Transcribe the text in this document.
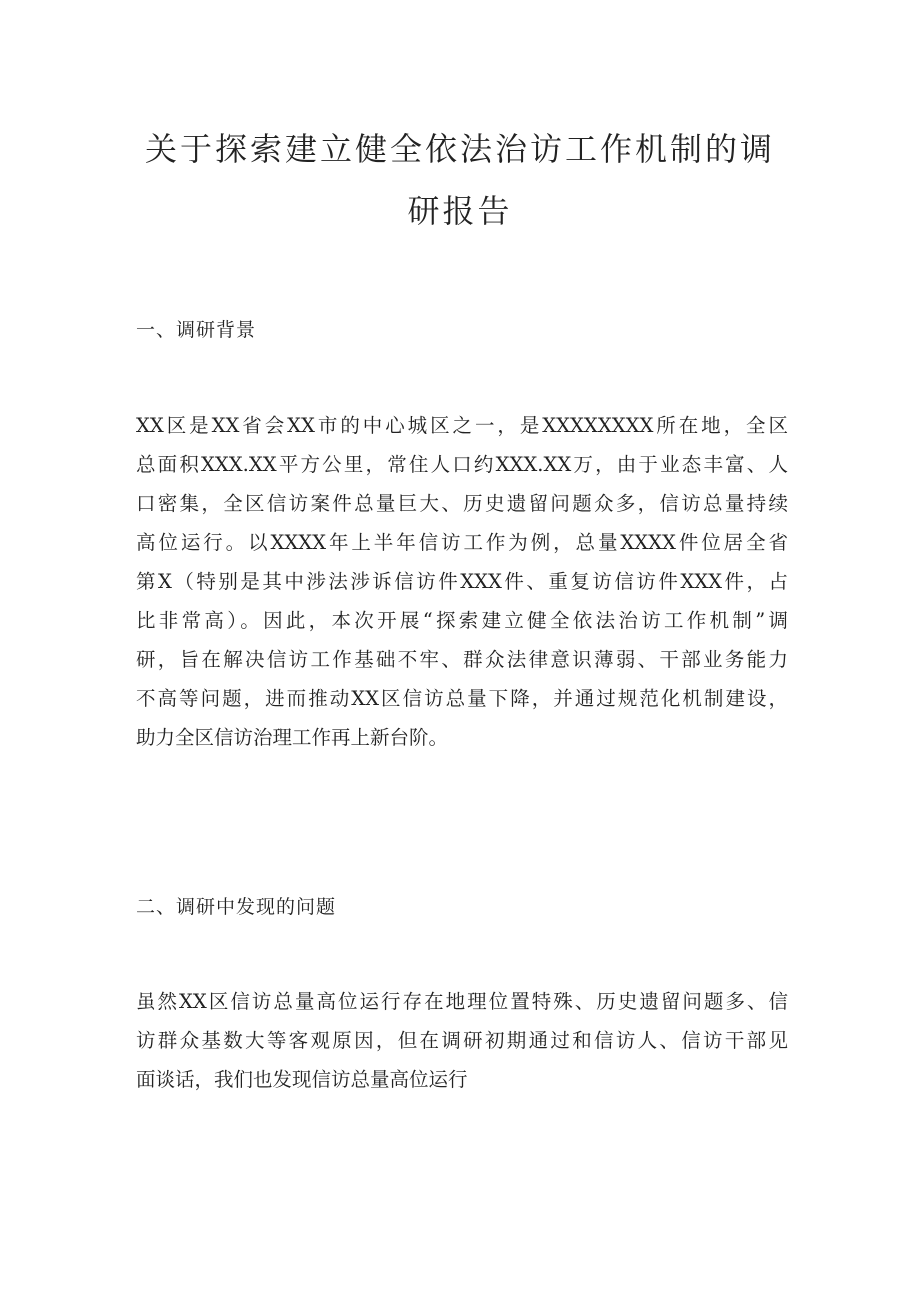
关于探索建立健全依法治访工作机制的调
研报告
一、调研背景
XX区是XX省会XX市的中心城区之一，是XXXXXXXX所在地，全区
总面积XXX.XX平方公里，常住人口约XXX.XX万，由于业态丰富、人
口密集，全区信访案件总量巨大、历史遗留问题众多，信访总量持续
高位运行。以XXXX年上半年信访工作为例，总量XXXX件位居全省
第X（特别是其中涉法涉诉信访件XXX件、重复访信访件XXX件，占
比非常高）。因此，本次开展“探索建立健全依法治访工作机制”调
研，旨在解决信访工作基础不牢、群众法律意识薄弱、干部业务能力
不高等问题，进而推动XX区信访总量下降，并通过规范化机制建设，
助力全区信访治理工作再上新台阶。
二、调研中发现的问题
虽然XX区信访总量高位运行存在地理位置特殊、历史遗留问题多、信
访群众基数大等客观原因，但在调研初期通过和信访人、信访干部见
面谈话，我们也发现信访总量高位运行
